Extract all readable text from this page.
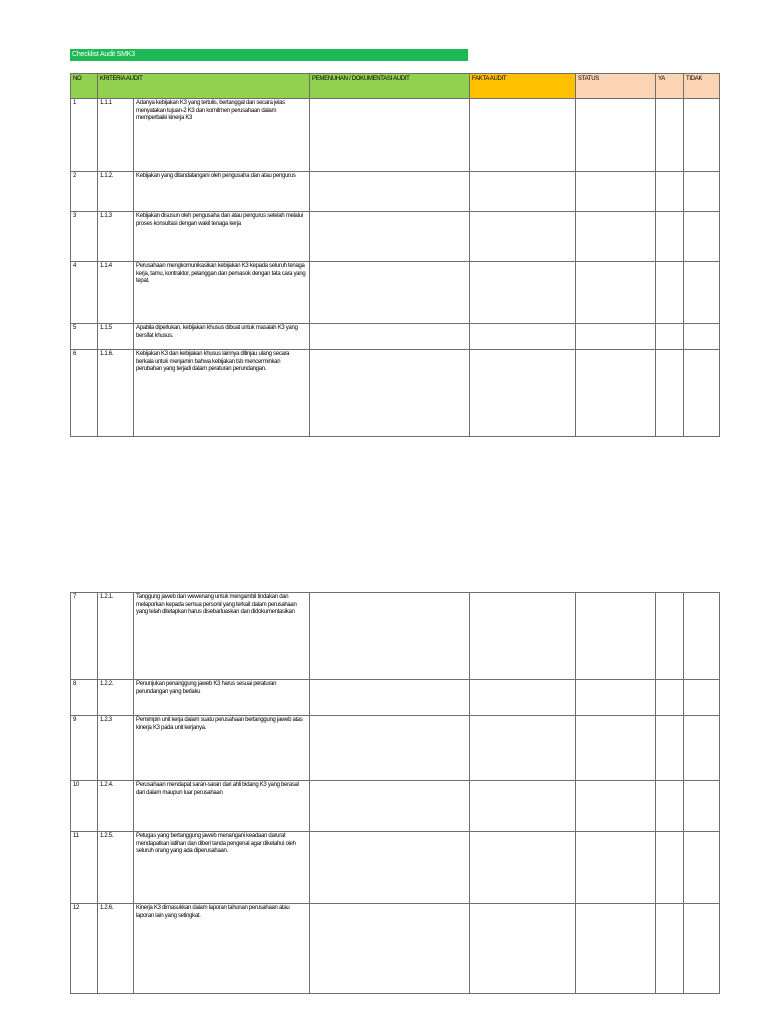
Checklist Audit SMK3
NO	KRITERIA AUDIT		PEMENUHAN / DOKUMENTASI AUDIT	FAKTA AUDIT	STATUS	YA	TIDAK
1	1.1.1	Adanya kebijakan K3 yang tertulis, bertanggal dan secara jelas menyatakan tujuan-2 K3 dan komitmen perusahaan dalam memperbaiki kinerja K3					
2	1.1.2.	Kebijakan yang ditandatangani oleh pengusaha dan atau pengurus					
3	1.1.3	Kebijakan disusun oleh pengusaha dan atau pengurus setelah melalui proses konsultasi dengan wakil tenaga kerja					
4	1.1.4	Perusahaan mengkomunikasikan kebijakan K3 kepada seluruh tenaga kerja, tamu, kontraktor, pelanggan dan pemasok dengan tata cara yang tepat.					
5	1.1.5	Apabila diperlukan, kebijakan khusus dibuat untuk masalah K3 yang bersifat khusus.					
6	1.1.6.	Kebijakan K3 dan kebijakan khusus lainnya ditinjau ulang secara berkala untuk menjamin bahwa kebijakan tsb mencerminkan perubahan yang terjadi dalam peraturan perundangan.					
7	1.2.1.	Tanggung jaweb dan wewenang untuk mengambil tindakan dan melaporkan kepada semua personil yang terkait dalam perusahaan yang telah ditetapkan harus disebarluaskan dan didokumentasikan					
8	1.2.2.	Penunjukan penanggung jaweb K3 harus sesuai peraturan perundangan yang berlaku					
9	1.2.3	Pemimpin unit kerja dalam suatu perusahaan bertanggung jaweb atas kinerja K3 pada unit kerjanya.					
10	1.2.4.	Perusahaan mendapat saran-saran dari ahli bidang K3 yang berasal dari dalam maupun luar perusahaan					
11	1.2.5.	Petugas yang bertanggung jaweb menangani keadaan darurat mendapatkan latihan dan diberi tanda pengenal agar diketahui oleh seluruh orang yang ada diperusahaan.					
12	1.2.6.	Kinerja K3 dimasukkan dalam laporan tahunan perusahaan atau laporan lain yang setingkat.					
